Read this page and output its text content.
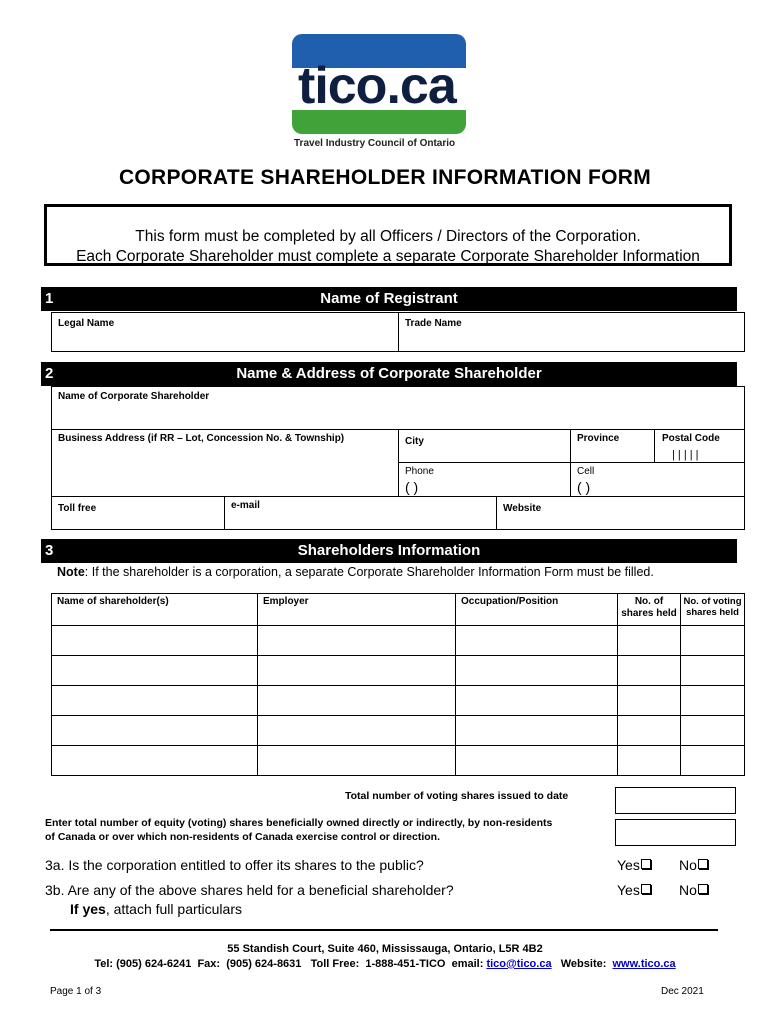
tico.ca
Travel Industry Council of Ontario
CORPORATE SHAREHOLDER INFORMATION FORM
This form must be completed by all Officers / Directors of the Corporation.
Each Corporate Shareholder must complete a separate Corporate Shareholder Information
1	Name of Registrant
Legal Name	Trade Name
2	Name & Address of Corporate Shareholder
Name of Corporate Shareholder
Business Address (if RR – Lot, Concession No. & Township)	City	Province	Postal Code
| | | | |
Phone
( )
Cell
( )
Toll free	e-mail	Website
3	Shareholders Information
Note: If the shareholder is a corporation, a separate Corporate Shareholder Information Form must be filled.
Name of shareholder(s)	Employer	Occupation/Position	No. of shares held	No. of voting shares held

Total number of voting shares issued to date
Enter total number of equity (voting) shares beneficially owned directly or indirectly, by non-residents
of Canada or over which non-residents of Canada exercise control or direction.
3a. Is the corporation entitled to offer its shares to the public?	Yes	No
3b. Are any of the above shares held for a beneficial shareholder?	Yes	No
If yes, attach full particulars
55 Standish Court, Suite 460, Mississauga, Ontario, L5R 4B2
Tel: (905) 624-6241  Fax:  (905) 624-8631   Toll Free:  1-888-451-TICO  email: tico@tico.ca   Website:  www.tico.ca
Page 1 of 3	Dec 2021
